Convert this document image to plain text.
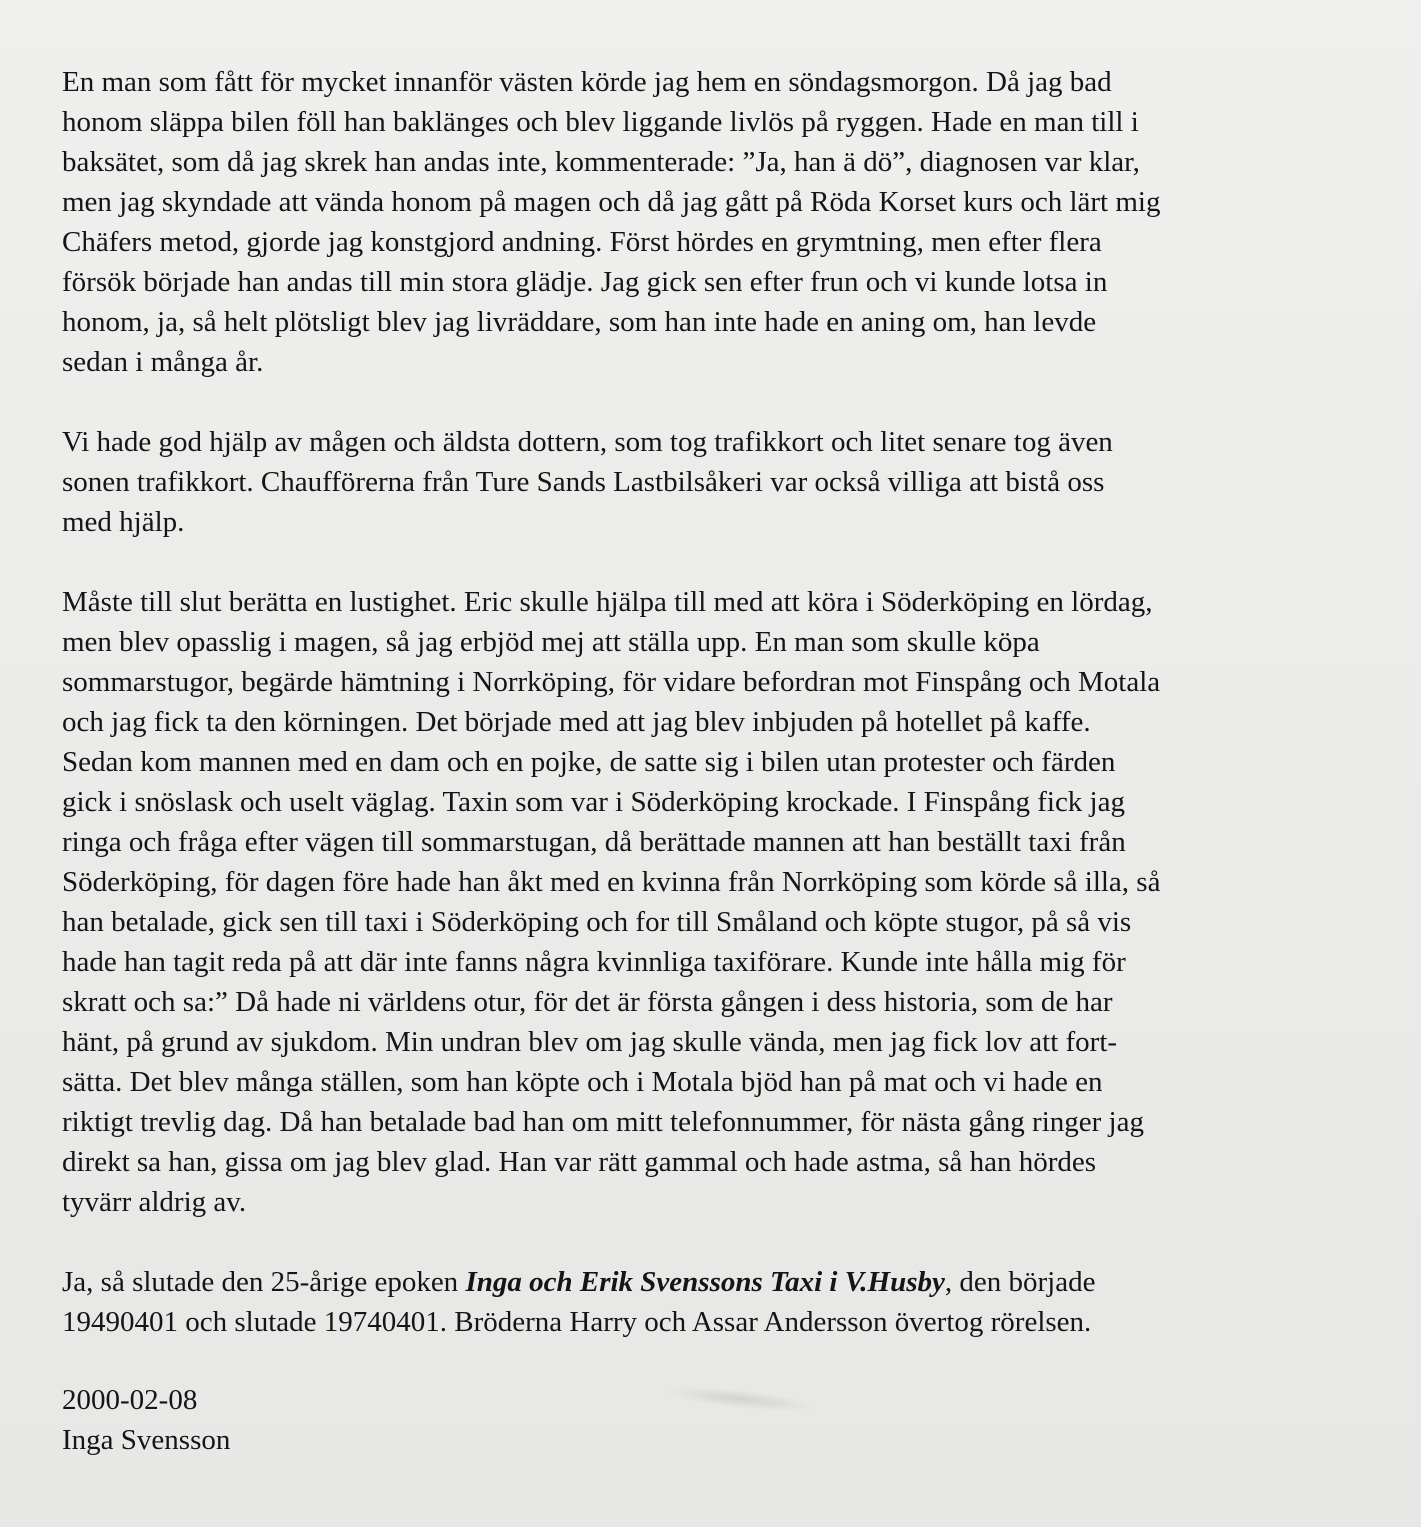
En man som fått för mycket innanför västen körde jag hem en söndagsmorgon. Då jag bad
honom släppa bilen föll han baklänges och blev liggande livlös på ryggen. Hade en man till i
baksätet, som då jag skrek han andas inte, kommenterade: ”Ja, han ä dö”, diagnosen var klar,
men jag skyndade att vända honom på magen och då jag gått på Röda Korset kurs och lärt mig
Chäfers metod, gjorde jag konstgjord andning. Först hördes en grymtning, men efter flera
försök började han andas till min stora glädje. Jag gick sen efter frun och vi kunde lotsa in
honom, ja, så helt plötsligt blev jag livräddare, som han inte hade en aning om, han levde
sedan i många år.
Vi hade god hjälp av mågen och äldsta dottern, som tog trafikkort och litet senare tog även
sonen trafikkort. Chaufförerna från Ture Sands Lastbilsåkeri var också villiga att bistå oss
med hjälp.
Måste till slut berätta en lustighet. Eric skulle hjälpa till med att köra i Söderköping en lördag,
men blev opasslig i magen, så jag erbjöd mej att ställa upp. En man som skulle köpa
sommarstugor, begärde hämtning i Norrköping, för vidare befordran mot Finspång och Motala
och jag fick ta den körningen. Det började med att jag blev inbjuden på hotellet på kaffe.
Sedan kom mannen med en dam och en pojke, de satte sig i bilen utan protester och färden
gick i snöslask och uselt väglag. Taxin som var i Söderköping krockade. I Finspång fick jag
ringa och fråga efter vägen till sommarstugan, då berättade mannen att han beställt taxi från
Söderköping, för dagen före hade han åkt med en kvinna från Norrköping som körde så illa, så
han betalade, gick sen till taxi i Söderköping och for till Småland och köpte stugor, på så vis
hade han tagit reda på att där inte fanns några kvinnliga taxiförare. Kunde inte hålla mig för
skratt och sa:” Då hade ni världens otur, för det är första gången i dess historia, som de har
hänt, på grund av sjukdom. Min undran blev om jag skulle vända, men jag fick lov att fort-
sätta. Det blev många ställen, som han köpte och i Motala bjöd han på mat och vi hade en
riktigt trevlig dag. Då han betalade bad han om mitt telefonnummer, för nästa gång ringer jag
direkt sa han, gissa om jag blev glad. Han var rätt gammal och hade astma, så han hördes
tyvärr aldrig av.
Ja, så slutade den 25-årige epoken Inga och Erik Svenssons Taxi i V.Husby, den började
19490401 och slutade 19740401. Bröderna Harry och Assar Andersson övertog rörelsen.
2000-02-08
Inga Svensson
